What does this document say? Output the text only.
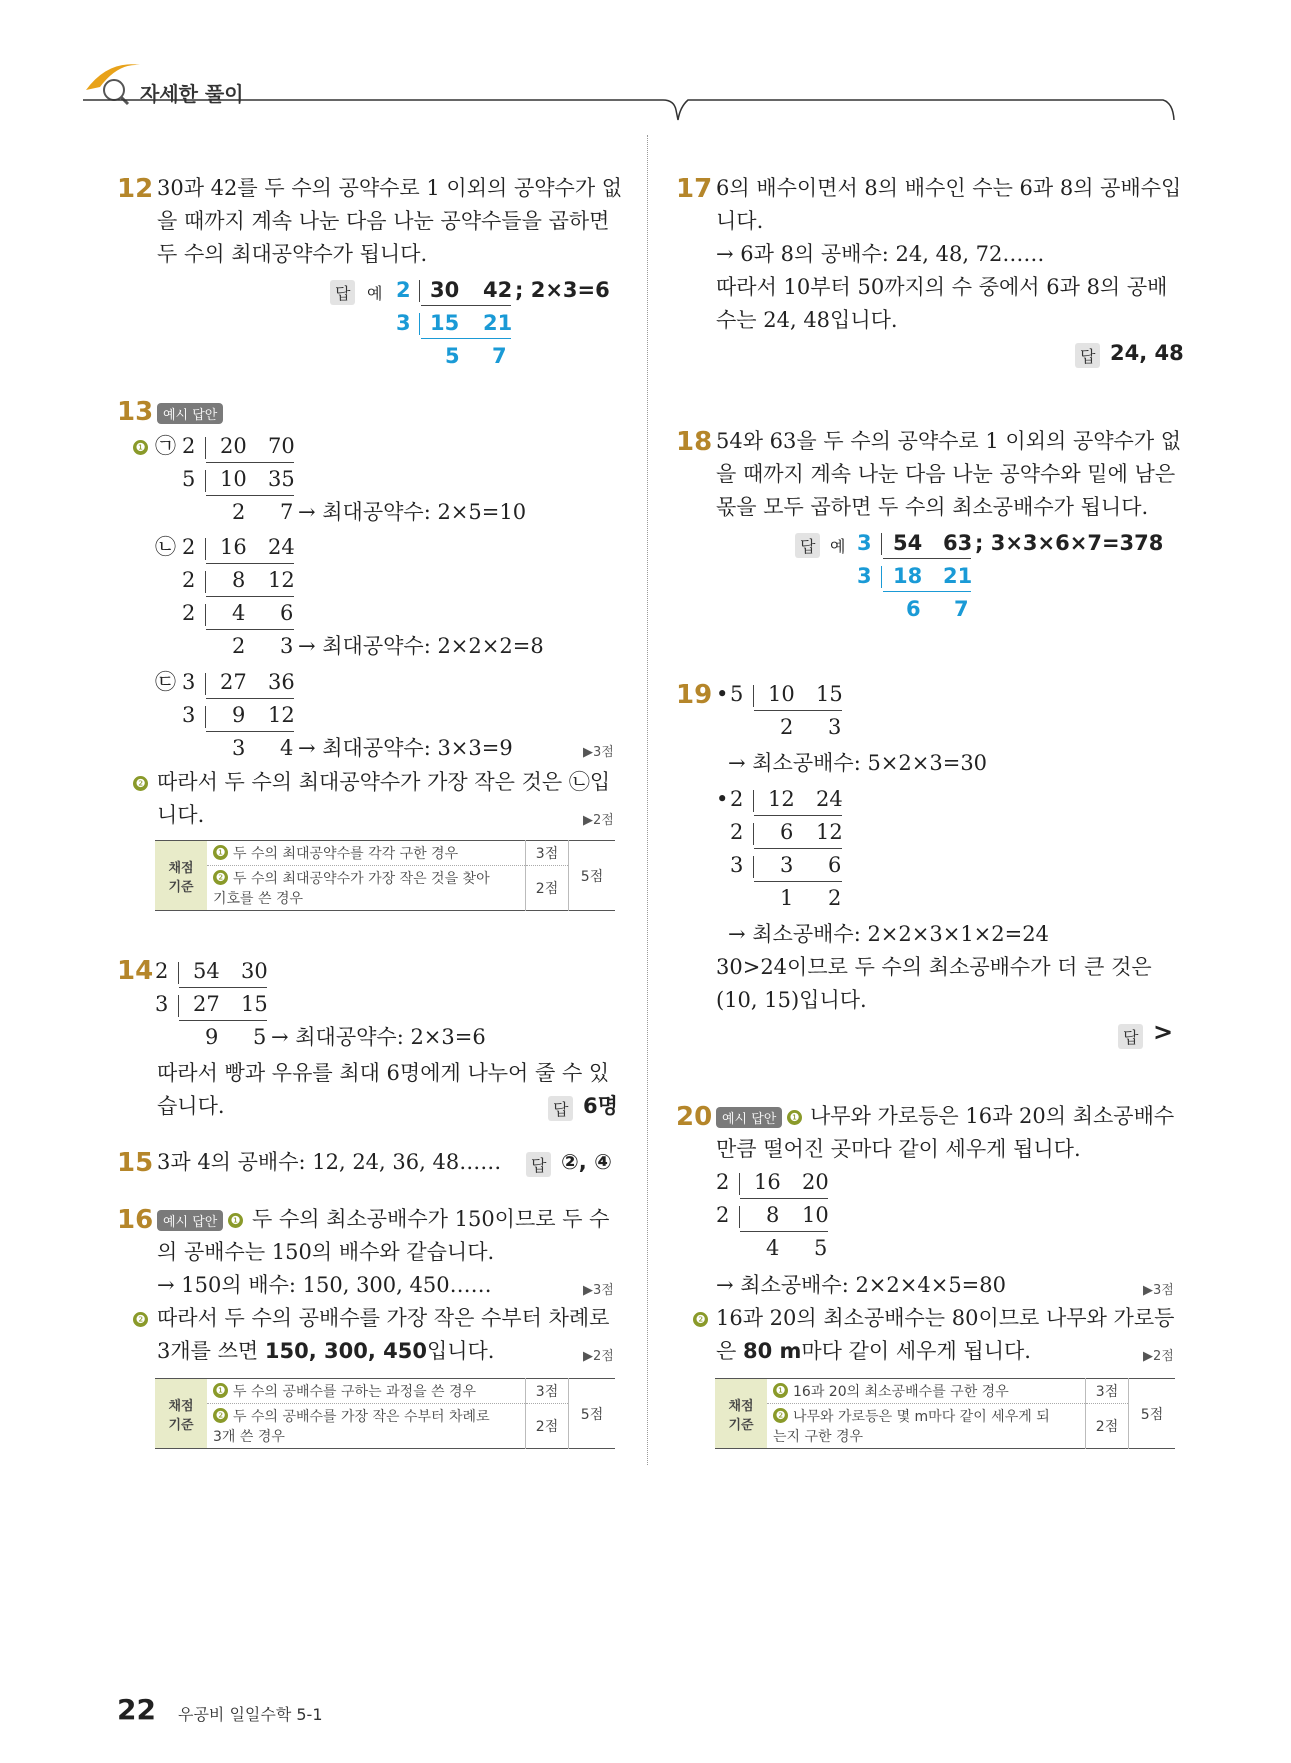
자세한 풀이
12 30과 42를 두 수의 공약수로 1 이외의 공약수가 없
을 때까지 계속 나눈 다음 나눈 공약수들을 곱하면
두 수의 최대공약수가 됩니다.
답	예 2 30 42 ; 2×3=6
3 15 21
5 7
13 예시 답안
❶ ㉠ 2 20 70
5 10 35
2 7 → 최대공약수: 2×5=10
㉡ 2 16 24
2 8 12
2 4 6
2 3 → 최대공약수: 2×2×2=8
㉢ 3 27 36
3 9 12
3 4 → 최대공약수: 3×3=9	▶3점
❷ 따라서 두 수의 최대공약수가 가장 작은 것은 ㉡입
니다.	▶2점
채점
기준	❶ 두 수의 최대공약수를 각각 구한 경우	3점	5점
	❷ 두 수의 최대공약수가 가장 작은 것을 찾아
기호를 쓴 경우	2점	
14 2 54 30
3 27 15
9 5 → 최대공약수: 2×3=6
따라서 빵과 우유를 최대 6명에게 나누어 줄 수 있
습니다.	답 6명
15 3과 4의 공배수: 12, 24, 36, 48……	답 ②, ④
16 예시 답안	❶ 두 수의 최소공배수가 150이므로 두 수
의 공배수는 150의 배수와 같습니다.
→ 150의 배수: 150, 300, 450……	▶3점
❷ 따라서 두 수의 공배수를 가장 작은 수부터 차례로
3개를 쓰면 150, 300, 450입니다.	▶2점
채점
기준	❶ 두 수의 공배수를 구하는 과정을 쓴 경우	3점	5점
	❷ 두 수의 공배수를 가장 작은 수부터 차례로
3개 쓴 경우	2점	
17 6의 배수이면서 8의 배수인 수는 6과 8의 공배수입
니다.
→ 6과 8의 공배수: 24, 48, 72……
따라서 10부터 50까지의 수 중에서 6과 8의 공배
수는 24, 48입니다.
답 24, 48
18 54와 63을 두 수의 공약수로 1 이외의 공약수가 없
을 때까지 계속 나눈 다음 나눈 공약수와 밑에 남은
몫을 모두 곱하면 두 수의 최소공배수가 됩니다.
답 예 3 54 63 ; 3×3×6×7=378
3 18 21
6 7
19 • 5 10 15
2 3
→ 최소공배수: 5×2×3=30
• 2 12 24
2 6 12
3 3 6
1 2
→ 최소공배수: 2×2×3×1×2=24
30>24이므로 두 수의 최소공배수가 더 큰 것은
(10, 15)입니다.
답 >
20 예시 답안	❶ 나무와 가로등은 16과 20의 최소공배수
만큼 떨어진 곳마다 같이 세우게 됩니다.
2 16 20
2 8 10
4 5
→ 최소공배수: 2×2×4×5=80	▶3점
❷ 16과 20의 최소공배수는 80이므로 나무와 가로등
은 80 m마다 같이 세우게 됩니다.	▶2점
채점
기준	❶ 16과 20의 최소공배수를 구한 경우	3점	5점
	❷ 나무와 가로등은 몇 m마다 같이 세우게 되
는지 구한 경우	2점	
22 우공비 일일수학 5-1
